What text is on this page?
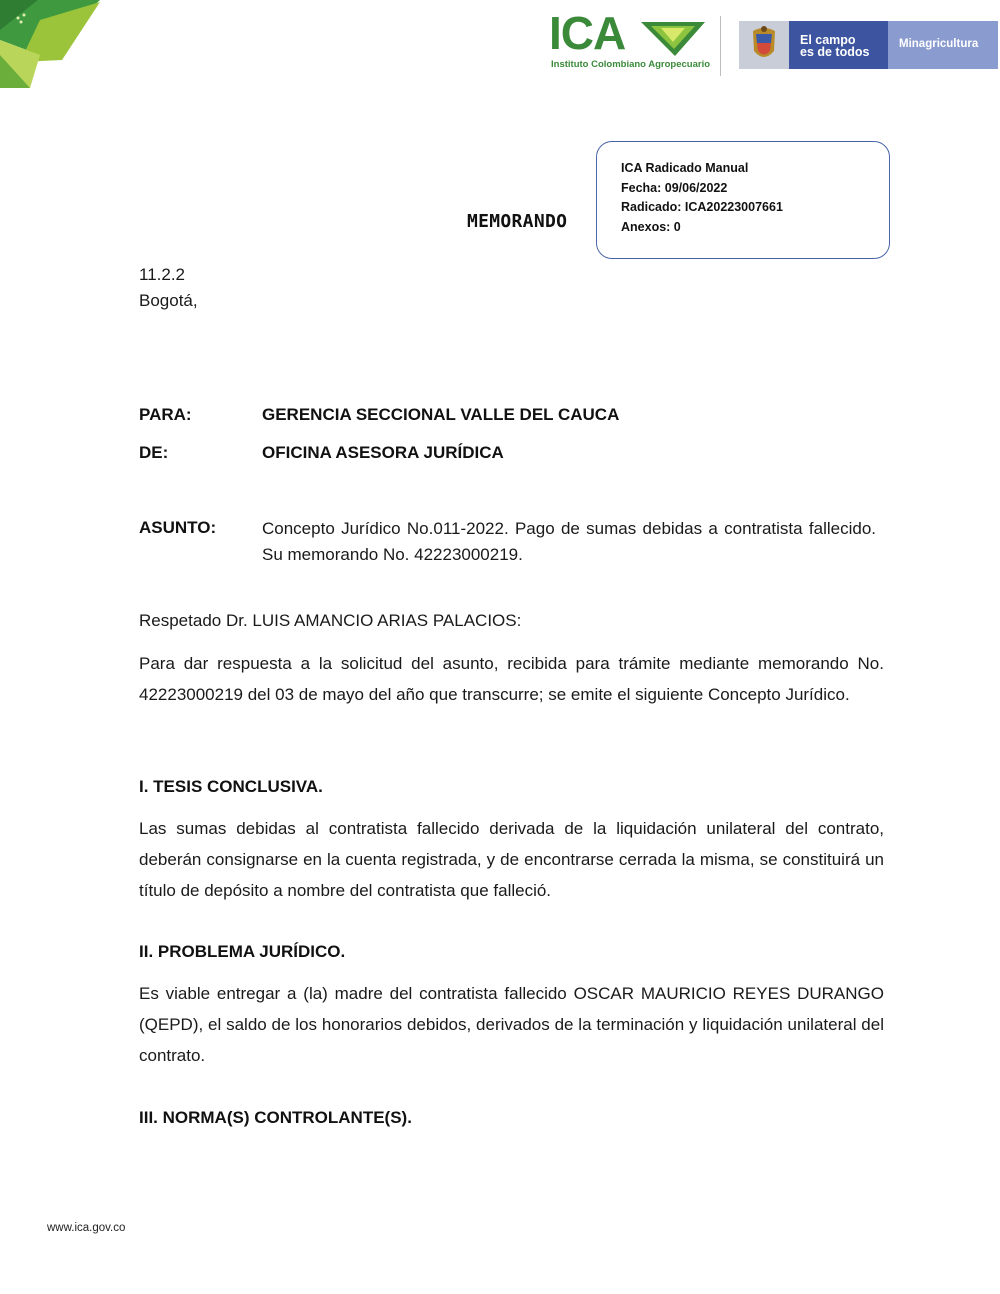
ICA
Instituto Colombiano Agropecuario
El campo
es de todos
Minagricultura
ICA Radicado Manual
Fecha: 09/06/2022
Radicado: ICA20223007661
Anexos: 0
MEMORANDO
11.2.2
Bogotá,
PARA:	GERENCIA SECCIONAL VALLE DEL CAUCA
DE:	OFICINA ASESORA JURÍDICA
ASUNTO:	Concepto Jurídico No.011-2022. Pago de sumas debidas a contratista fallecido. Su memorando No. 42223000219.
Respetado Dr. LUIS AMANCIO ARIAS PALACIOS:
Para dar respuesta a la solicitud del asunto, recibida para trámite mediante memorando No. 42223000219 del 03 de mayo del año que transcurre; se emite el siguiente Concepto Jurídico.
I. TESIS CONCLUSIVA.
Las sumas debidas al contratista fallecido derivada de la liquidación unilateral del contrato, deberán consignarse en la cuenta registrada, y de encontrarse cerrada la misma, se constituirá un título de depósito a nombre del contratista que falleció.
II. PROBLEMA JURÍDICO.
Es viable entregar a (la) madre del contratista fallecido OSCAR MAURICIO REYES DURANGO (QEPD), el saldo de los honorarios debidos, derivados de la terminación y liquidación unilateral del contrato.
III. NORMA(S) CONTROLANTE(S).
www.ica.gov.co
